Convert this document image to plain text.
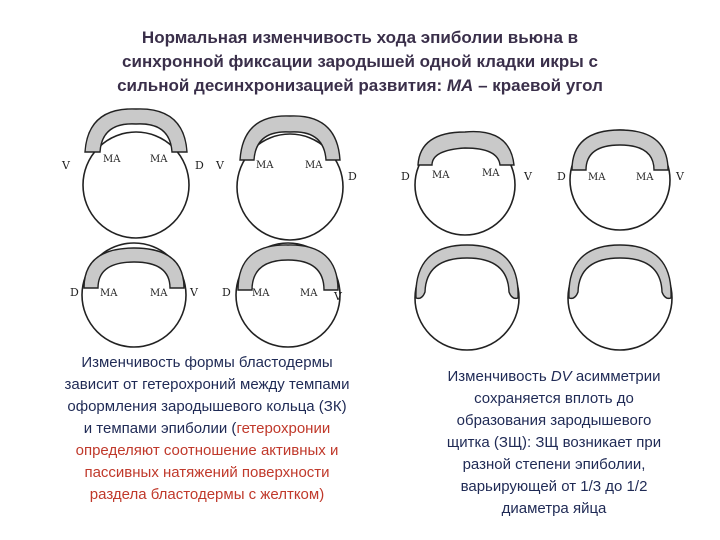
Нормальная изменчивость хода эпиболии вьюна в
синхронной фиксации зародышей одной кладки икры с
сильной десинхронизацией развития: МА – краевой угол
V	MA	MA	D V	MA	MA
D	D MA	MA V D MA	MA V
D MA	MA V D MA	MA V
Изменчивость формы бластодермы
зависит от гетерохроний между темпами
оформления зародышевого кольца (ЗК)
и темпами эпиболии (гетерохронии
определяют соотношение активных и
пассивных натяжений поверхности
раздела бластодермы с желтком)
Изменчивость DV асимметрии
сохраняется вплоть до
образования зародышевого
щитка (ЗЩ): ЗЩ возникает при
разной степени эпиболии,
варьирующей от 1/3 до 1/2
диаметра яйца
